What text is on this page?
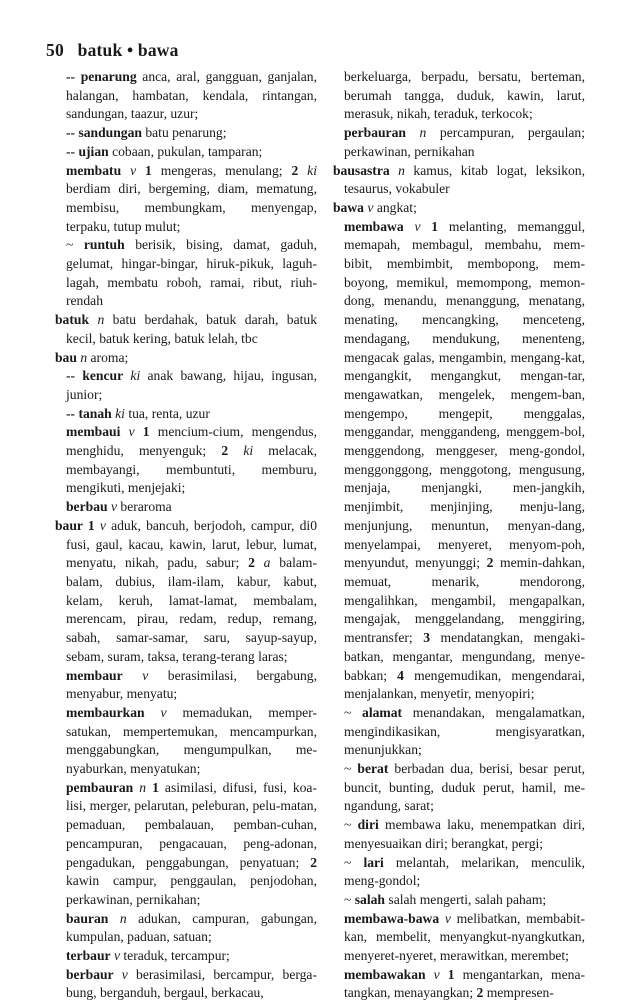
50 batuk • bawa

-- penarung anca, aral, gangguan, ganjalan, halangan, hambatan, kendala, rintangan, sandungan, taazur, uzur;

-- sandungan batu penarung;

-- ujian cobaan, pukulan, tamparan;

membatu v 1 mengeras, menulang; 2 ki berdiam diri, bergeming, diam, mematung, membisu, membungkam, menyengap, terpaku, tutup mulut;

~ runtuh berisik, bising, damat, gaduh, gelumat, hingar-bingar, hiruk-pikuk, laguh-lagah, membatu roboh, ramai, ribut, riuh-rendah

batuk n batu berdahak, batuk darah, batuk kecil, batuk kering, batuk lelah, tbc

bau n aroma;

-- kencur ki anak bawang, hijau, ingusan, junior;

-- tanah ki tua, renta, uzur

membaui v 1 mencium-cium, mengendus, menghidu, menyenguk; 2 ki melacak, membayangi, membuntuti, memburu, mengikuti, menjejaki;

berbau v beraroma

baur 1 v aduk, bancuh, berjodoh, campur, di0 fusi, gaul, kacau, kawin, larut, lebur, lumat, menyatu, nikah, padu, sabur; 2 a balam-balam, dubius, ilam-ilam, kabur, kabut, kelam, keruh, lamat-lamat, membalam, merencam, pirau, redam, redup, remang, sabah, samar-samar, saru, sayup-sayup, sebam, suram, taksa, terang-terang laras;

membaur v berasimilasi, bergabung, menyabur, menyatu;

membaurkan v memadukan, memper-satukan, mempertemukan, mencampurkan, menggabungkan, mengumpulkan, me-nyaburkan, menyatukan;

pembauran n 1 asimilasi, difusi, fusi, koa-lisi, merger, pelarutan, peleburan, pelu-matan, pemaduan, pembalauan, pemban-cuhan, pencampuran, pengacauan, peng-adonan, pengadukan, penggabungan, penyatuan; 2 kawin campur, penggaulan, penjodohan, perkawinan, pernikahan;

bauran n adukan, campuran, gabungan, kumpulan, paduan, satuan;

terbaur v teraduk, tercampur;

berbaur v berasimilasi, bercampur, berga-bung, berganduh, bergaul, berkacau,

berkeluarga, berpadu, bersatu, berteman, berumah tangga, duduk, kawin, larut, merasuk, nikah, teraduk, terkocok;

perbauran n percampuran, pergaulan; perkawinan, pernikahan

bausastra n kamus, kitab logat, leksikon, tesaurus, vokabuler

bawa v angkat;

membawa v 1 melanting, memanggul, memapah, membagul, membahu, mem-bibit, membimbit, membopong, mem-boyong, memikul, memompong, memon-dong, menandu, menanggung, menatang, menating, mencangking, menceteng, mendagang, mendukung, menenteng, mengacak galas, mengambin, mengang-kat, mengangkit, mengangkut, mengan-tar, mengawatkan, mengelek, mengem-ban, mengempo, mengepit, menggalas, menggandar, menggandeng, menggem-bol, menggendong, menggeser, meng-gondol, menggonggong, menggotong, mengusung, menjaja, menjangki, men-jangkih, menjimbit, menjinjing, menju-lang, menjunjung, menuntun, menyan-dang, menyelampai, menyeret, menyom-poh, menyundut, menyunggi; 2 memin-dahkan, memuat, menarik, mendorong, mengalihkan, mengambil, mengapalkan, mengajak, menggelandang, menggiring, mentransfer; 3 mendatangkan, mengaki-batkan, mengantar, mengundang, menye-babkan; 4 mengemudikan, mengendarai, menjalankan, menyetir, menyopiri;

~ alamat menandakan, mengalamatkan, mengindikasikan, mengisyaratkan, menunjukkan;

~ berat berbadan dua, berisi, besar perut, buncit, bunting, duduk perut, hamil, me-ngandung, sarat;

~ diri membawa laku, menempatkan diri, menyesuaikan diri; berangkat, pergi;

~ lari melantah, melarikan, menculik, meng-gondol;

~ salah salah mengerti, salah paham;

membawa-bawa v melibatkan, membabit-kan, membelit, menyangkut-nyangkutkan, menyeret-nyeret, merawitkan, merembet;

membawakan v 1 mengantarkan, mena-tangkan, menayangkan; 2 mempresen-
